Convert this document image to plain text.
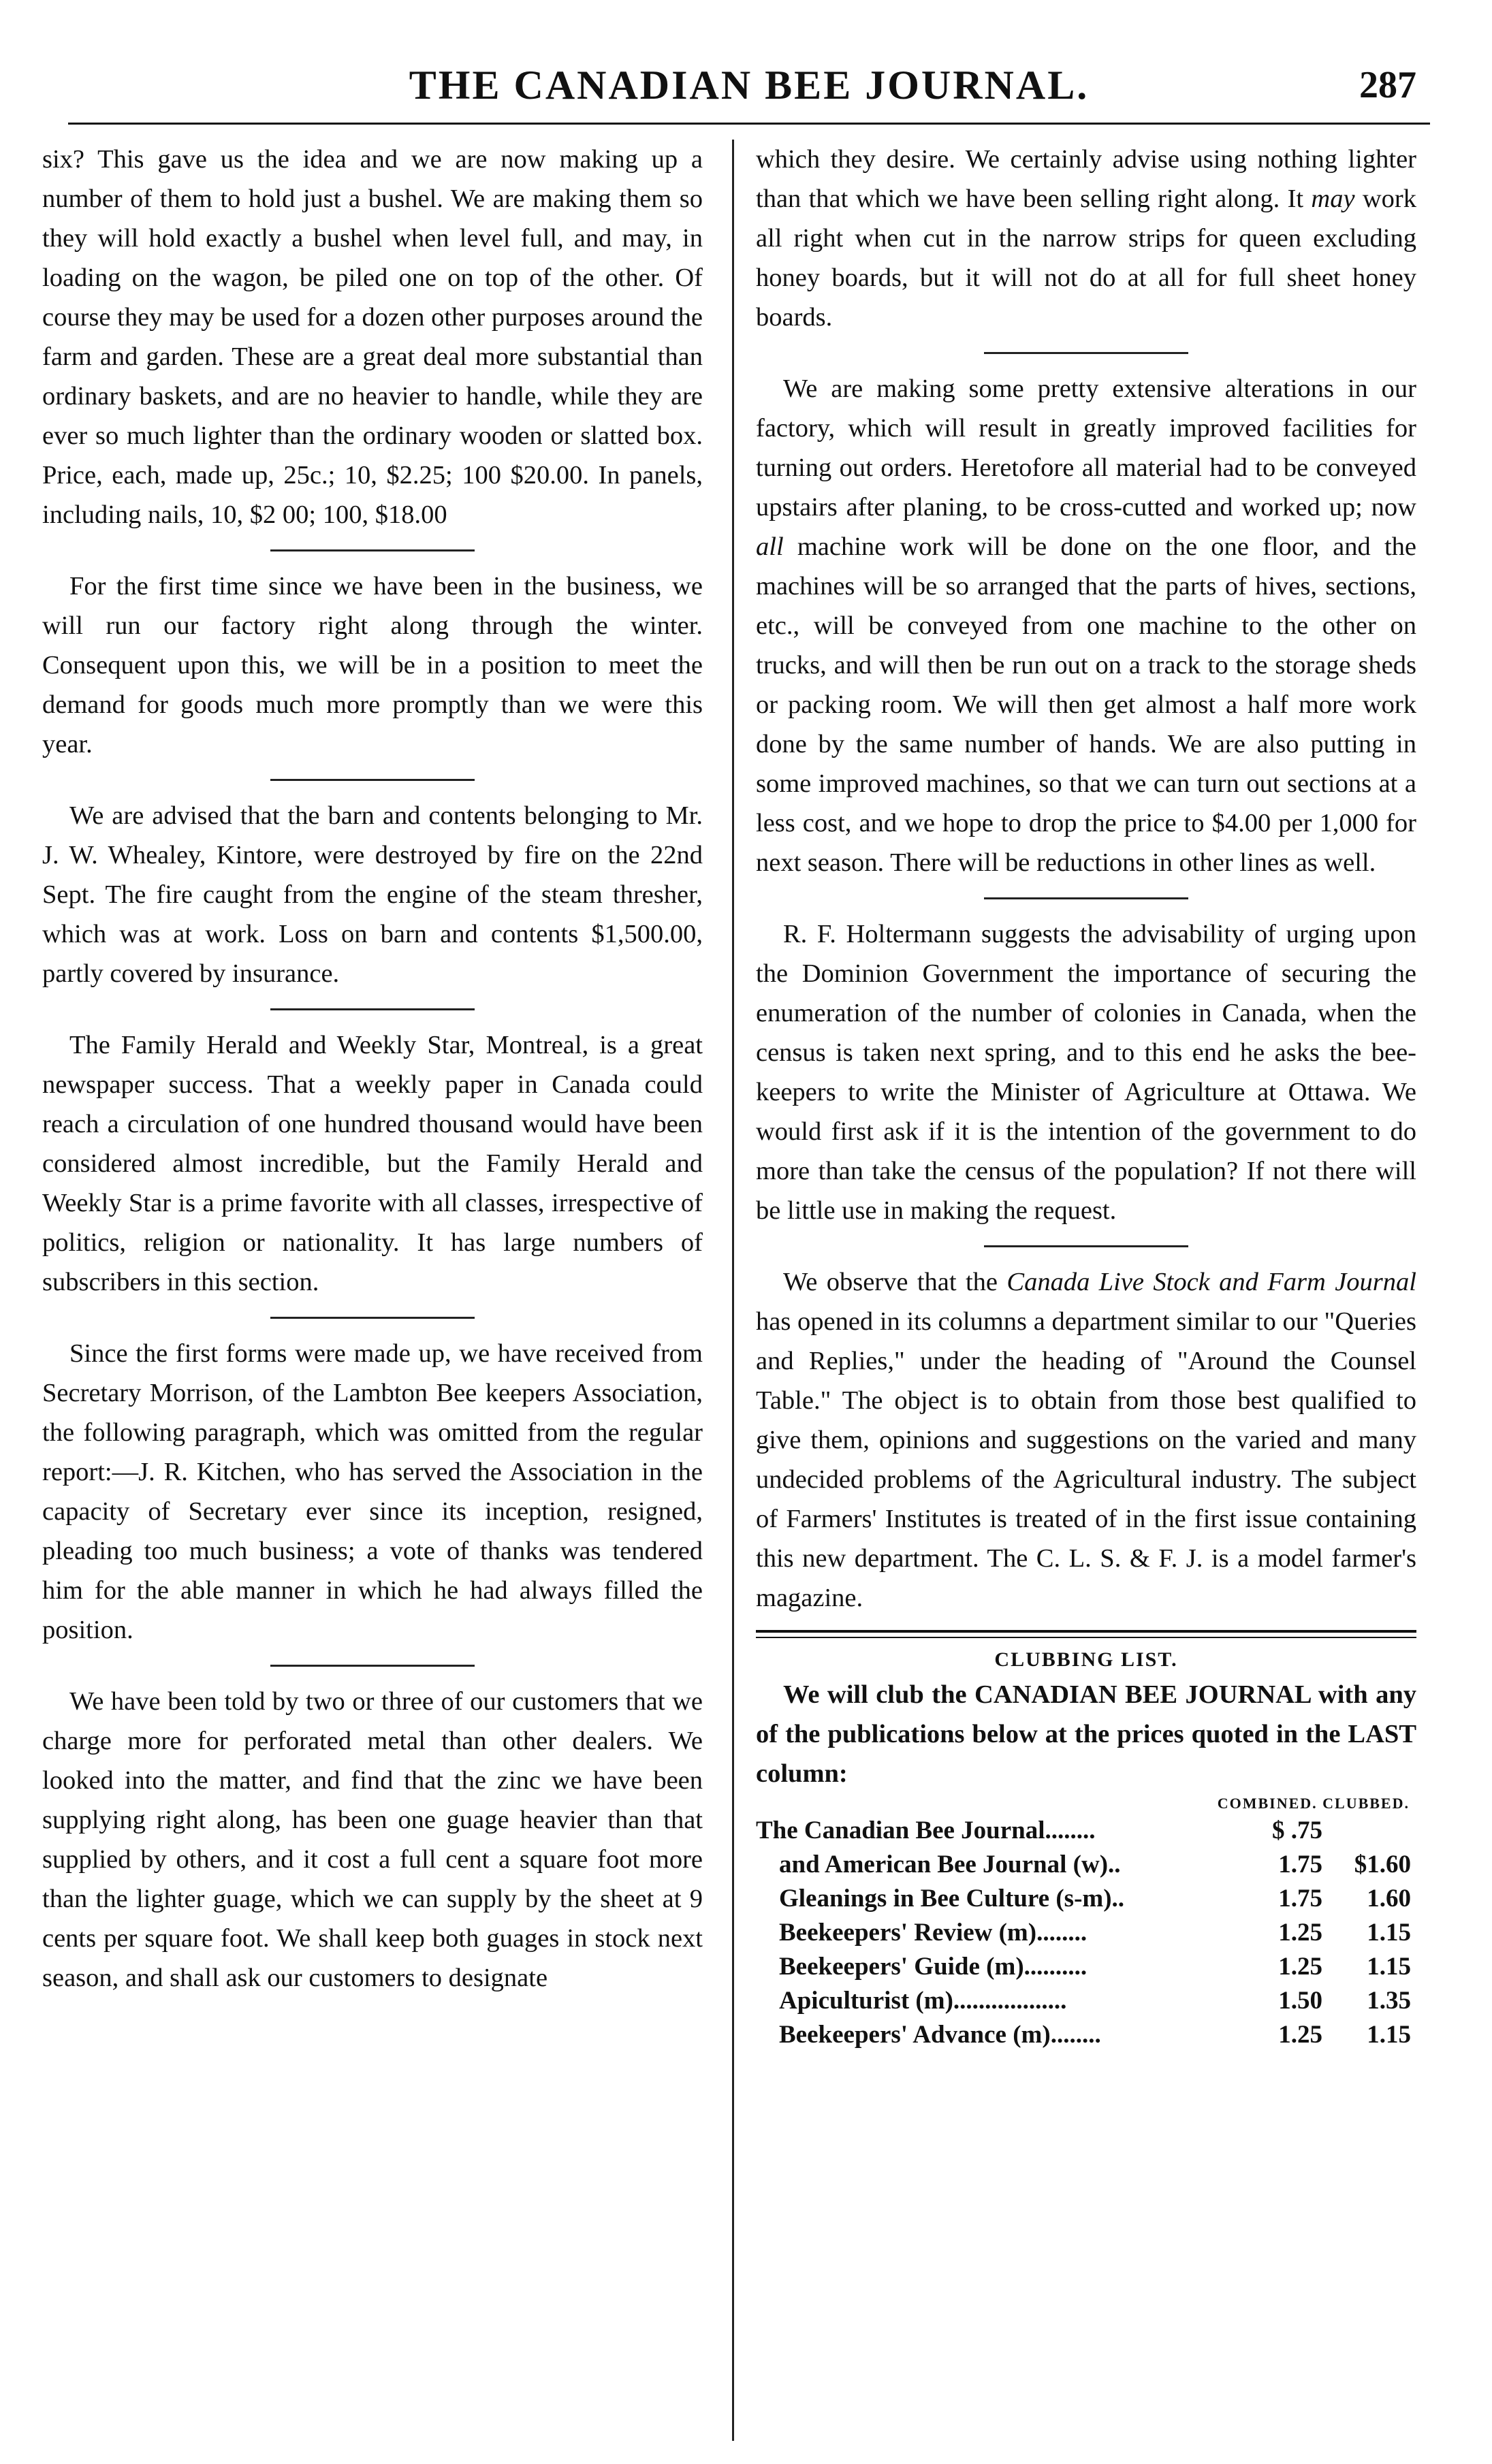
THE CANADIAN BEE JOURNAL.	287

six? This gave us the idea and we are now making up a number of them to hold just a bushel. We are making them so they will hold exactly a bushel when level full, and may, in loading on the wagon, be piled one on top of the other. Of course they may be used for a dozen other purposes around the farm and garden. These are a great deal more substantial than ordinary baskets, and are no heavier to handle, while they are ever so much lighter than the ordinary wooden or slatted box. Price, each, made up, 25c.; 10, $2.25; 100 $20.00. In panels, including nails, 10, $2 00; 100, $18.00

For the first time since we have been in the business, we will run our factory right along through the winter. Consequent upon this, we will be in a position to meet the demand for goods much more promptly than we were this year.

We are advised that the barn and contents belonging to Mr. J. W. Whealey, Kintore, were destroyed by fire on the 22nd Sept. The fire caught from the engine of the steam thresher, which was at work. Loss on barn and contents $1,500.00, partly covered by insurance.

The Family Herald and Weekly Star, Montreal, is a great newspaper success. That a weekly paper in Canada could reach a circulation of one hundred thousand would have been considered almost incredible, but the Family Herald and Weekly Star is a prime favorite with all classes, irrespective of politics, religion or nationality. It has large numbers of subscribers in this section.

Since the first forms were made up, we have received from Secretary Morrison, of the Lambton Bee keepers Association, the following paragraph, which was omitted from the regular report:—J. R. Kitchen, who has served the Association in the capacity of Secretary ever since its inception, resigned, pleading too much business; a vote of thanks was tendered him for the able manner in which he had always filled the position.

We have been told by two or three of our customers that we charge more for perforated metal than other dealers. We looked into the matter, and find that the zinc we have been supplying right along, has been one guage heavier than that supplied by others, and it cost a full cent a square foot more than the lighter guage, which we can supply by the sheet at 9 cents per square foot. We shall keep both guages in stock next season, and shall ask our customers to designate

which they desire. We certainly advise using nothing lighter than that which we have been selling right along. It may work all right when cut in the narrow strips for queen excluding honey boards, but it will not do at all for full sheet honey boards.

We are making some pretty extensive alterations in our factory, which will result in greatly improved facilities for turning out orders. Heretofore all material had to be conveyed upstairs after planing, to be cross-cutted and worked up; now all machine work will be done on the one floor, and the machines will be so arranged that the parts of hives, sections, etc., will be conveyed from one machine to the other on trucks, and will then be run out on a track to the storage sheds or packing room. We will then get almost a half more work done by the same number of hands. We are also putting in some improved machines, so that we can turn out sections at a less cost, and we hope to drop the price to $4.00 per 1,000 for next season. There will be reductions in other lines as well.

R. F. Holtermann suggests the advisability of urging upon the Dominion Government the importance of securing the enumeration of the number of colonies in Canada, when the census is taken next spring, and to this end he asks the bee-keepers to write the Minister of Agriculture at Ottawa. We would first ask if it is the intention of the government to do more than take the census of the population? If not there will be little use in making the request.

We observe that the Canada Live Stock and Farm Journal has opened in its columns a department similar to our "Queries and Replies," under the heading of "Around the Counsel Table." The object is to obtain from those best qualified to give them, opinions and suggestions on the varied and many undecided problems of the Agricultural industry. The subject of Farmers' Institutes is treated of in the first issue containing this new department. The C. L. S. & F. J. is a model farmer's magazine.

CLUBBING LIST.

We will club the CANADIAN BEE JOURNAL with any of the publications below at the prices quoted in the LAST column:

COMBINED. CLUBBED.
The Canadian Bee Journal........	$ .75	
and American Bee Journal (w)..	1.75	$1.60
Gleanings in Bee Culture (s-m)..	1.75	1.60
Beekeepers' Review (m)........	1.25	1.15
Beekeepers' Guide (m)..........	1.25	1.15
Apiculturist (m)..................	1.50	1.35
Beekeepers' Advance (m)........	1.25	1.15
